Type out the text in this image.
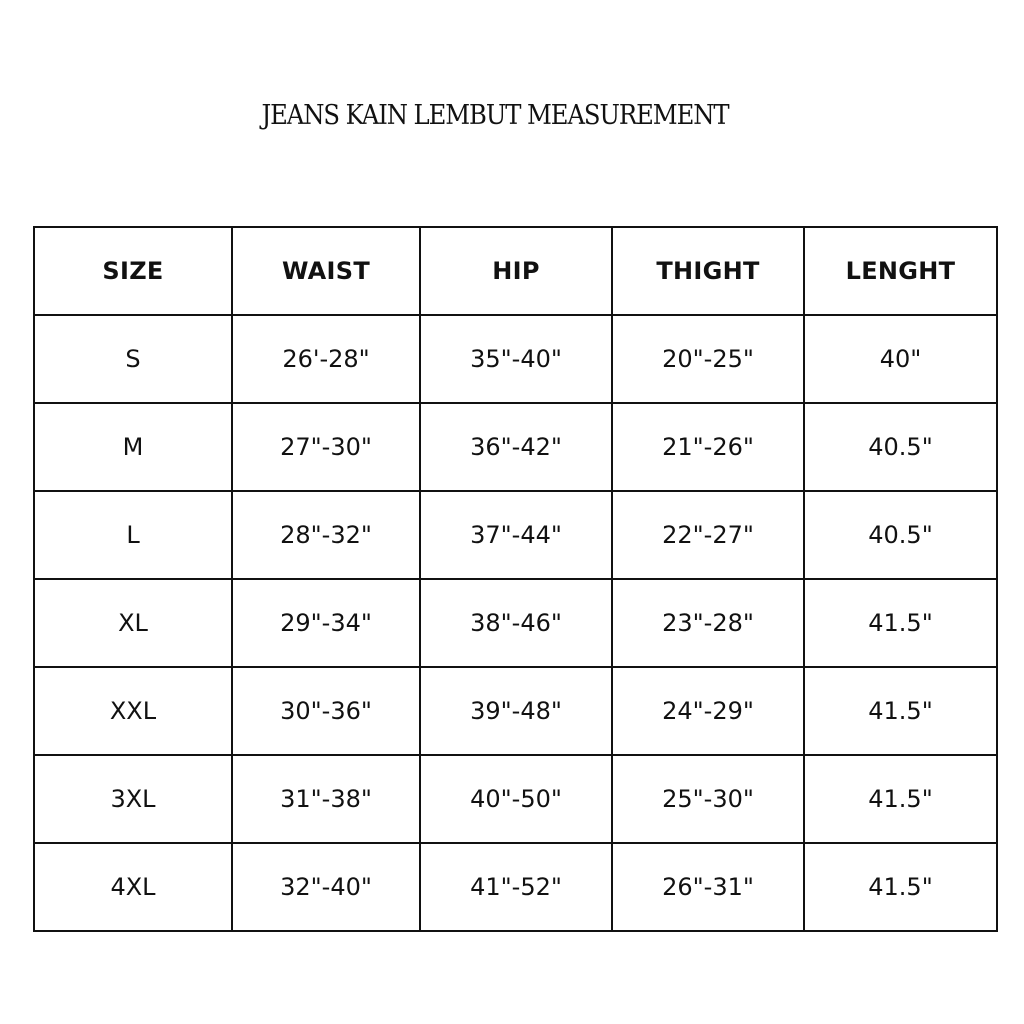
JEANS KAIN LEMBUT MEASUREMENT
SIZE	WAIST	HIP	THIGHT	LENGHT
S	26'-28"	35"-40"	20"-25"	40"
M	27"-30"	36"-42"	21"-26"	40.5"
L	28"-32"	37"-44"	22"-27"	40.5"
XL	29"-34"	38"-46"	23"-28"	41.5"
XXL	30"-36"	39"-48"	24"-29"	41.5"
3XL	31"-38"	40"-50"	25"-30"	41.5"
4XL	32"-40"	41"-52"	26"-31"	41.5"
